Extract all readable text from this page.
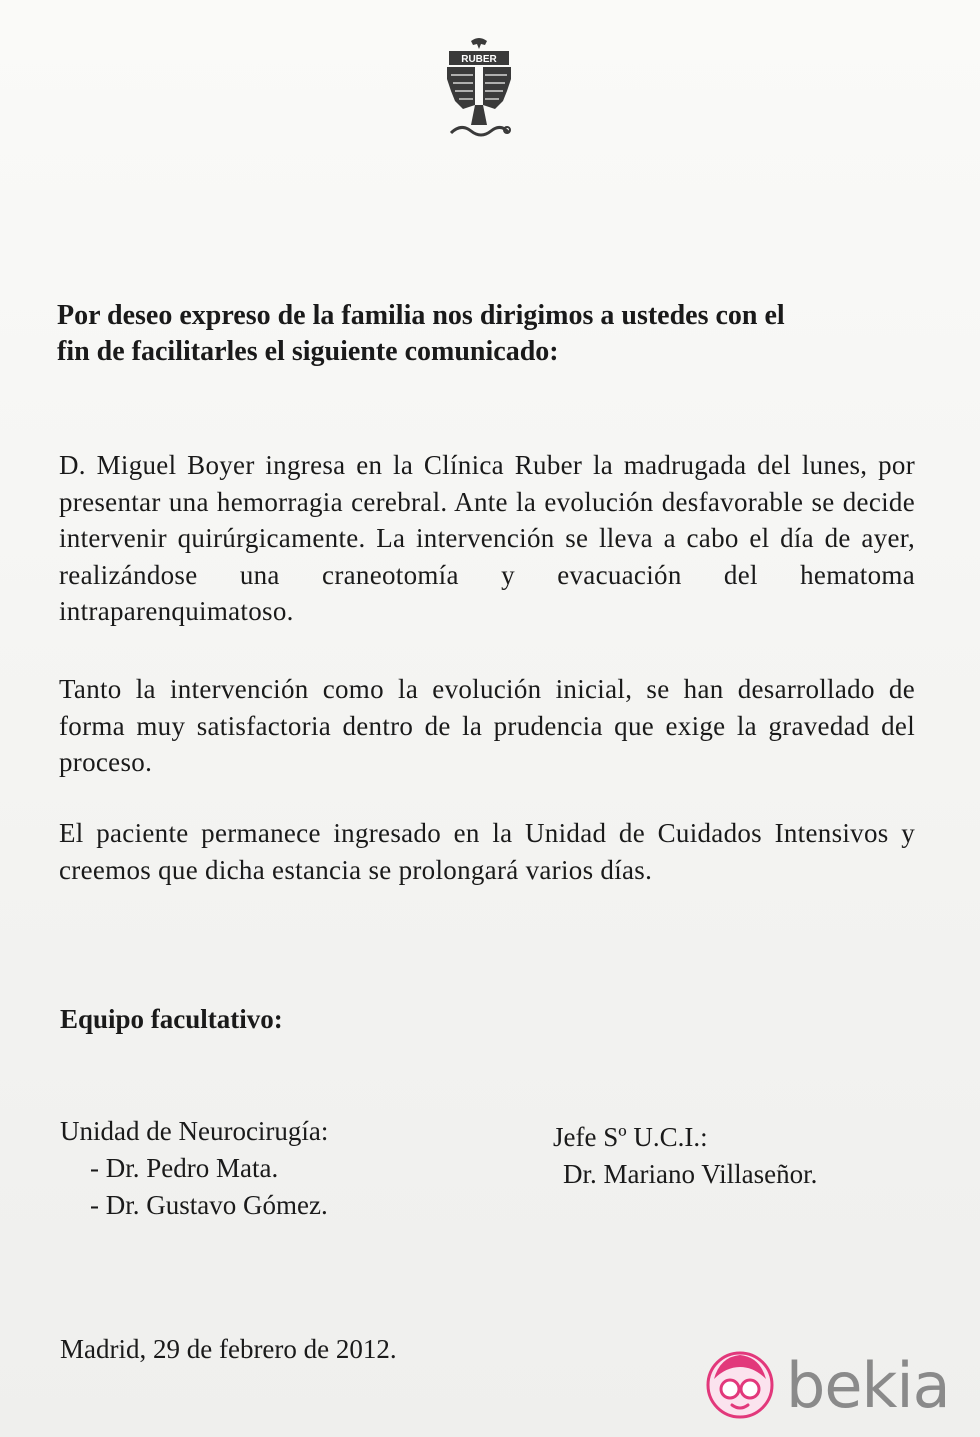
RUBER

Por deseo expreso de la familia nos dirigimos a ustedes con el
fin de facilitarles el siguiente comunicado:

D. Miguel Boyer ingresa en la Clínica Ruber la madrugada del lunes, por presentar una hemorragia cerebral. Ante la evolución desfavorable se decide intervenir quirúrgicamente. La intervención se lleva a cabo el día de ayer, realizándose una craneotomía y evacuación del hematoma intraparenquimatoso.

Tanto la intervención como la evolución inicial, se han desarrollado de forma muy satisfactoria dentro de la prudencia que exige la gravedad del proceso.

El paciente permanece ingresado en la Unidad de Cuidados Intensivos y creemos que dicha estancia se prolongará varios días.

Equipo facultativo:

Unidad de Neurocirugía:
- Dr. Pedro Mata.
- Dr. Gustavo Gómez.
Jefe Sº U.C.I.:
Dr. Mariano Villaseñor.

Madrid, 29 de febrero de 2012.	bekia
